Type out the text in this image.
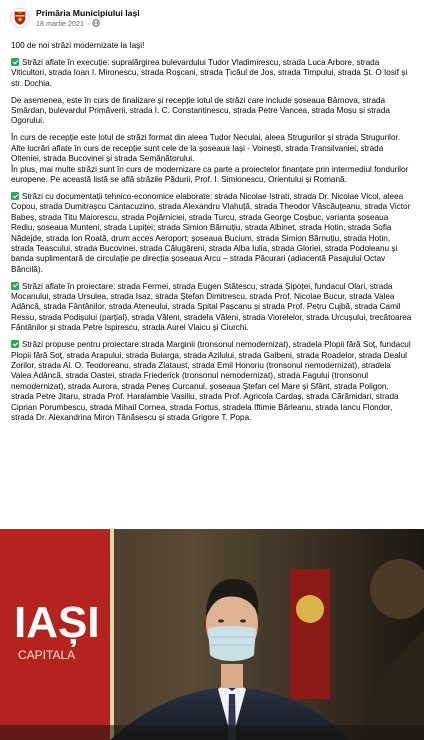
Primăria Municipiului Iași
18 martie 2021 ·
100 de noi străzi modernizate la Iași!
Străzi aflate în execuție: supralărgirea bulevardului Tudor Vladimirescu, strada Luca Arbore, strada Viticultori, strada Ioan I. Mironescu, strada Roșcani, strada Țicăul de Jos, strada Timpului, strada Șt. O Iosif și str. Dochia.
De asemenea, este în curs de finalizare și recepție lotul de străzi care include șoseaua Bârnova, strada Smârdan, bulevardul Primăverii, strada I. C. Constantinescu, strada Petre Vancea, strada Moșu și strada Ogorului.
În curs de recepție este lotul de străzi format din aleea Tudor Neculai, aleea Strugurilor și strada Strugurilor. Alte lucrări aflate în curs de recepție sunt cele de la șoseaua Iași - Voinești, strada Transilvaniei, strada Olteniei, strada Bucovinei și strada Semănătorului.
În plus, mai multe străzi sunt în curs de modernizare ca parte a proiectelor finanțate prin intermediul fondurilor europene. Pe această listă se află străzile Pădurii, Prof. I. Simionescu, Orientului și Romană.
Străzi cu documentații tehnico-economice elaborate: strada Nicolae Istrati, strada Dr. Nicolae Vicol, aleea Copou, strada Dumitrașcu Cantacuzino, strada Alexandru Vlahuță, strada Theodor Văscăuțeanu, strada Victor Babeș, strada Titu Maiorescu, strada Pojărniciei, strada Turcu, strada George Coșbuc, varianta șoseaua Rediu, șoseaua Munteni, strada Lupiței; strada Simion Bărnuțiu, strada Albinet, strada Hotin, strada Sofia Nădejde, strada Ion Roată, drum acces Aeroport; șoseaua Bucium, strada Simion Bărnuțiu, strada Hotin, strada Teascului, strada Bucovinei, strada Călugăreni, strada Alba Iulia, strada Gloriei, strada Podoleanu și banda suplimentară de circulație pe direcția șoseaua Arcu – strada Păcurari (adiacentă Pasajului Octav Băncilă).
Străzi aflate în proiectare: strada Fermei, strada Eugen Stătescu, strada Șipoței, fundacul Olari, strada Mocanului, strada Ursulea, strada Isaz, strada Ștefan Dimitrescu, strada Prof. Nicolae Bucur, strada Valea Adâncă, strada Fântânilor, strada Ateneului, strada Spital Pașcanu și strada Prof. Petru Cujbă, strada Camil Ressu, strada Podișului (parțial), strada Văleni, stradela Văleni, strada Viorelelor, strada Urcușului, trecătoarea Fântânilor și strada Petre Ispirescu, strada Aurel Vlaicu și Ciurchi.
Străzi propuse pentru proiectare:strada Marginii (tronsonul nemodernizat), stradela Plopii fără Soț, fundacul Plopii fără Soț, strada Arapului, strada Bulargа, strada Azilului, strada Galbeni, strada Roadelor, strada Dealul Zorilor, strada Al. O. Teodoreanu, strada Zlataust, strada Emil Honoriu (tronsonul nemodernizat), stradela Valea Adâncă, strada Oastei, strada Friederick (tronsonul nemodernizat), strada Fagului (tronsonul nemodernizat), strada Aurora, strada Peneș Curcanul, șoseaua Ștefan cel Mare și Sfânt, strada Poligon, strada Petre Jitaru, strada Prof. Haralambie Vasiliu, strada Prof. Agricola Cardaș, strada Cărămidari, strada Ciprian Porumbescu, strada Mihail Cornea, strada Fortus, stradela Iftimie Bârleanu, strada Iancu Flondor, strada Dr. Alexandrina Miron Tănăsescu și strada Grigore T. Popa.
IAȘI
CAPITALA
